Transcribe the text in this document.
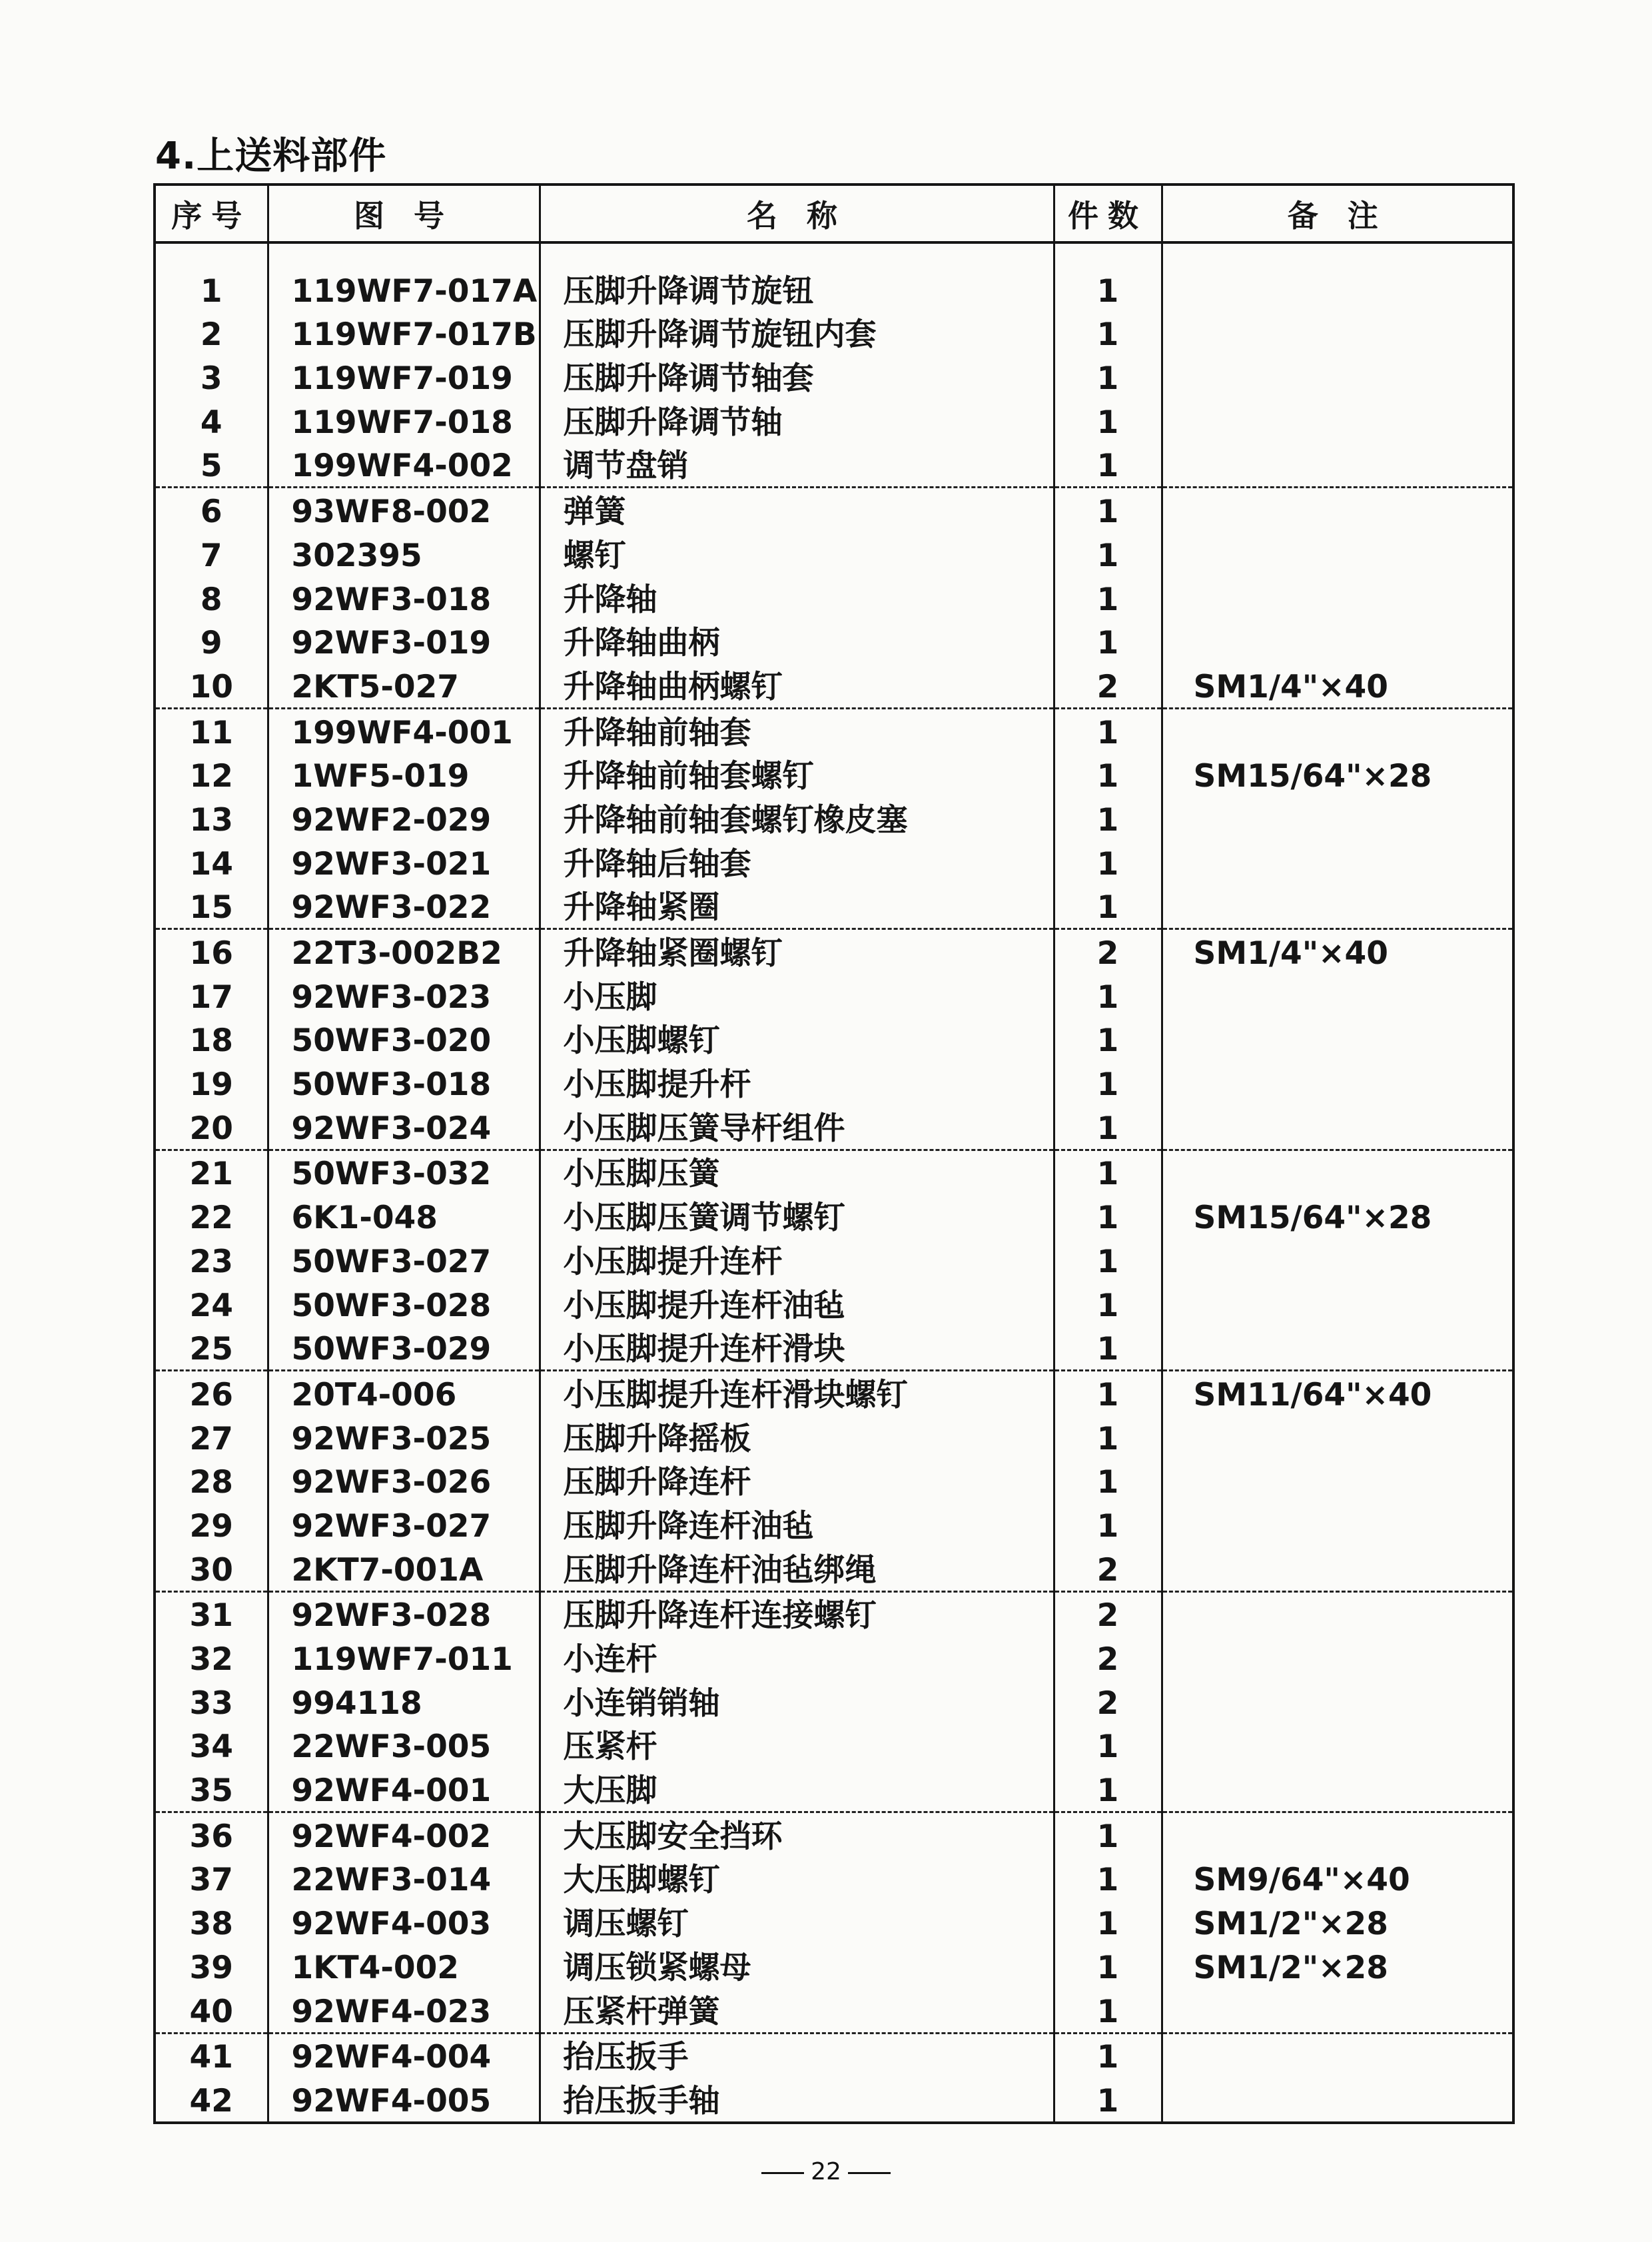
4.上送料部件
序号	图 号	名 称	件数	备 注

1	119WF7-017A	压脚升降调节旋钮	1	
2	119WF7-017B	压脚升降调节旋钮内套	1	
3	119WF7-019	压脚升降调节轴套	1	
4	119WF7-018	压脚升降调节轴	1	
5	199WF4-002	调节盘销	1	
6	93WF8-002	弹簧	1	
7	302395	螺钉	1	
8	92WF3-018	升降轴	1	
9	92WF3-019	升降轴曲柄	1	
10	2KT5-027	升降轴曲柄螺钉	2	SM1/4"×40
11	199WF4-001	升降轴前轴套	1	
12	1WF5-019	升降轴前轴套螺钉	1	SM15/64"×28
13	92WF2-029	升降轴前轴套螺钉橡皮塞	1	
14	92WF3-021	升降轴后轴套	1	
15	92WF3-022	升降轴紧圈	1	
16	22T3-002B2	升降轴紧圈螺钉	2	SM1/4"×40
17	92WF3-023	小压脚	1	
18	50WF3-020	小压脚螺钉	1	
19	50WF3-018	小压脚提升杆	1	
20	92WF3-024	小压脚压簧导杆组件	1	
21	50WF3-032	小压脚压簧	1	
22	6K1-048	小压脚压簧调节螺钉	1	SM15/64"×28
23	50WF3-027	小压脚提升连杆	1	
24	50WF3-028	小压脚提升连杆油毡	1	
25	50WF3-029	小压脚提升连杆滑块	1	
26	20T4-006	小压脚提升连杆滑块螺钉	1	SM11/64"×40
27	92WF3-025	压脚升降摇板	1	
28	92WF3-026	压脚升降连杆	1	
29	92WF3-027	压脚升降连杆油毡	1	
30	2KT7-001A	压脚升降连杆油毡绑绳	2	
31	92WF3-028	压脚升降连杆连接螺钉	2	
32	119WF7-011	小连杆	2	
33	994118	小连销销轴	2	
34	22WF3-005	压紧杆	1	
35	92WF4-001	大压脚	1	
36	92WF4-002	大压脚安全挡环	1	
37	22WF3-014	大压脚螺钉	1	SM9/64"×40
38	92WF4-003	调压螺钉	1	SM1/2"×28
39	1KT4-002	调压锁紧螺母	1	SM1/2"×28
40	92WF4-023	压紧杆弹簧	1	
41	92WF4-004	抬压扳手	1	
42	92WF4-005	抬压扳手轴	1	
22
